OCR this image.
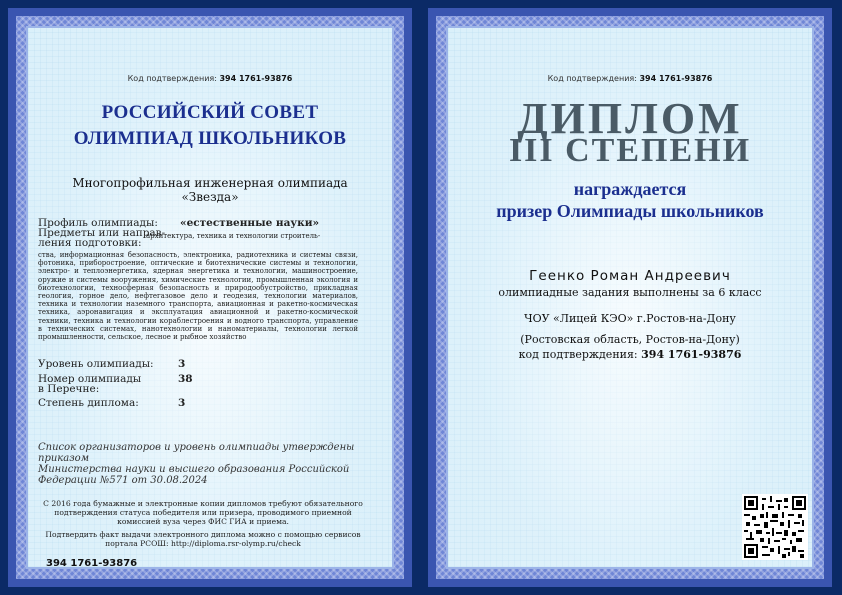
Код подтверждения: 394 1761-93876
РОССИЙСКИЙ СОВЕТ
ОЛИМПИАД ШКОЛЬНИКОВ
Многопрофильная инженерная олимпиада
«Звезда»
Профиль олимпиады: «естественные науки»
Предметы или направ-
ления подготовки:
архитектура, техника и технологии строитель-
ства, информационная безопасность, электроника, радиотехника и системы связи, фотоника, приборостроение, оптические и биотехнические системы и технологии, электро- и теплоэнергетика, ядерная энергетика и технологии, машиностроение, оружие и системы вооружения, химические технологии, промышленная экология и биотехнологии, техносферная безопасность и природообустройство, прикладная геология, горное дело, нефтегазовое дело и геодезия, технологии материалов, техника и технологии наземного транспорта, авиационная и ракетно-космическая техника, аэронавигация и эксплуатация авиационной и ракетно-космической техники, техника и технологии кораблестроения и водного транспорта, управление в технических системах, нанотехнологии и наноматериалы, технологии легкой промышленности, сельское, лесное и рыбное хозяйство
Уровень олимпиады: 3
Номер олимпиады
в Перечне:
38
Степень диплома:	3
Список организаторов и уровень олимпиады утверждены приказом
Министерства науки и высшего образования Российской Федерации №571 от 30.08.2024
С 2016 года бумажные и электронные копии дипломов требуют обязательного подтверждения статуса победителя или призера, проводимого приемной комиссией вуза через ФИС ГИА и приема.
Подтвердить факт выдачи электронного диплома можно с помощью сервисов портала РСОШ: http://diploma.rsr-olymp.ru/check
394 1761-93876
Код подтверждения: 394 1761-93876
ДИПЛОМ
III СТЕПЕНИ
награждается
призер Олимпиады школьников
Геенко Роман Андреевич
олимпиадные задания выполнены за 6 класс
ЧОУ «Лицей КЭО» г.Ростов-на-Дону
(Ростовская область, Ростов-на-Дону)
код подтверждения: 394 1761-93876
